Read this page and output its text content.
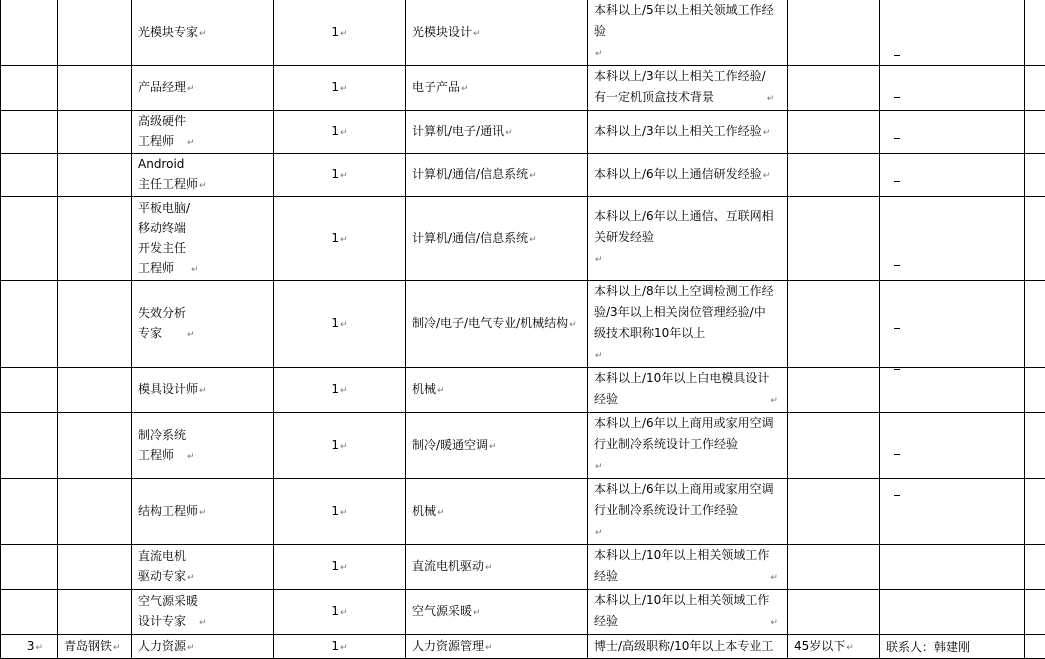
		光模块专家↵	1↵	光模块设计↵	本科以上/5年以上相关领域工作经
验↵			
		产品经理↵	1↵	电子产品↵	本科以上/3年以上相关工作经验/
有一定机顶盒技术背景 ↵			
		高级硬件
工程师 ↵	1↵	计算机/电子/通讯↵	本科以上/3年以上相关工作经验↵			
		Android
主任工程师↵	1↵	计算机/通信/信息系统↵	本科以上/6年以上通信研发经验↵			
		平板电脑/
移动终端
开发主任
工程师 ↵	1↵	计算机/通信/信息系统↵	本科以上/6年以上通信、互联网相
关研发经验↵			
		失效分析
专家 ↵	1↵	制冷/电子/电气专业/机械结构↵	本科以上/8年以上空调检测工作经
验/3年以上相关岗位管理经验/中
级技术职称10年以上↵			
		模具设计师↵	1↵	机械↵	本科以上/10年以上白电模具设计
经验 ↵			
		制冷系统
工程师 ↵	1↵	制冷/暖通空调↵	本科以上/6年以上商用或家用空调
行业制冷系统设计工作经验↵			
		结构工程师↵	1↵	机械↵	本科以上/6年以上商用或家用空调
行业制冷系统设计工作经验↵			
		直流电机
驱动专家↵	1↵	直流电机驱动↵	本科以上/10年以上相关领域工作
经验 ↵			
		空气源采暖
设计专家 ↵	1↵	空气源采暖↵	本科以上/10年以上相关领域工作
经验 ↵			
3↵	青岛钢铁↵	人力资源↵	1↵	人力资源管理↵	博士/高级职称/10年以上本专业工	45岁以下↵	联系人：韩建刚	
